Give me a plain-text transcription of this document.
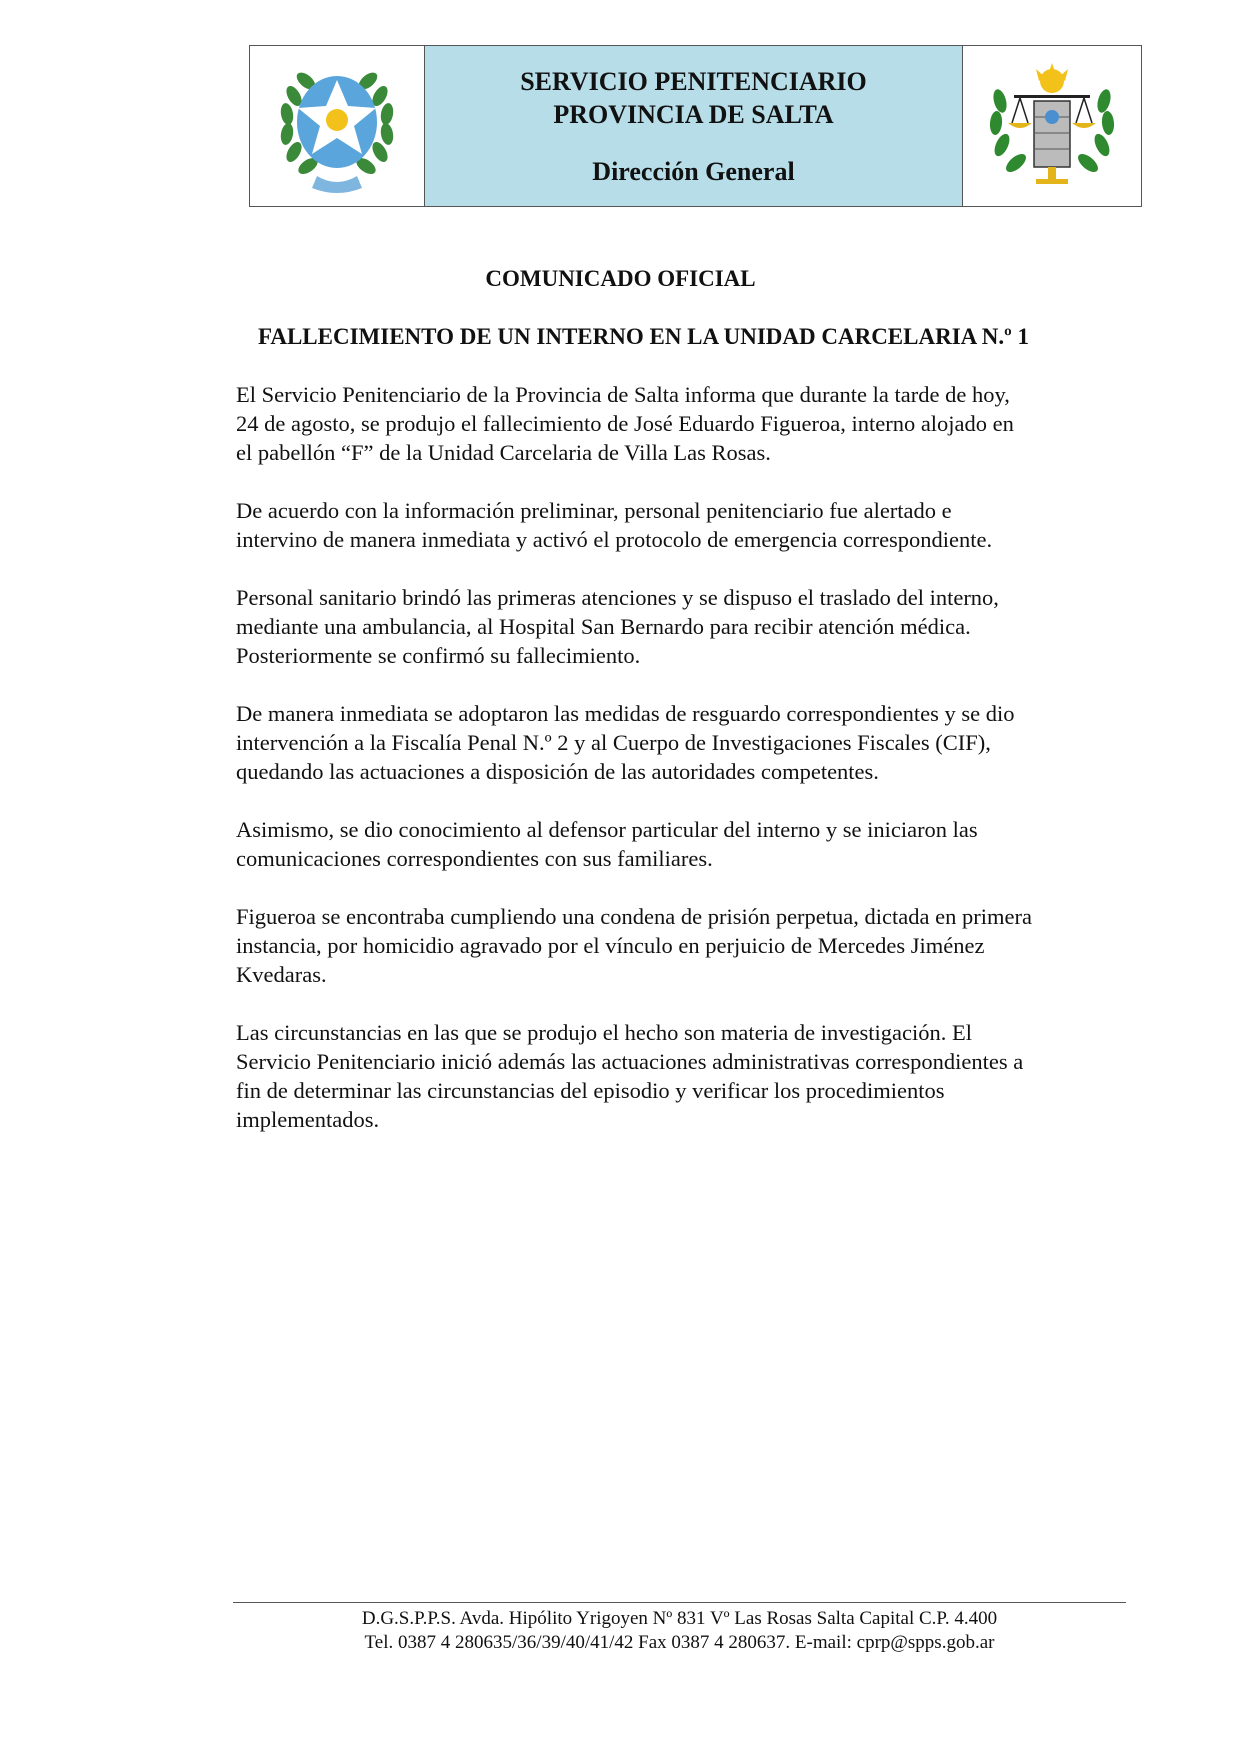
SERVICIO PENITENCIARIO
PROVINCIA DE SALTA
Dirección General
COMUNICADO OFICIAL
FALLECIMIENTO DE UN INTERNO EN LA UNIDAD CARCELARIA N.º 1

El Servicio Penitenciario de la Provincia de Salta informa que durante la tarde de hoy,
24 de agosto, se produjo el fallecimiento de José Eduardo Figueroa, interno alojado en
el pabellón “F” de la Unidad Carcelaria de Villa Las Rosas.

De acuerdo con la información preliminar, personal penitenciario fue alertado e
intervino de manera inmediata y activó el protocolo de emergencia correspondiente.

Personal sanitario brindó las primeras atenciones y se dispuso el traslado del interno,
mediante una ambulancia, al Hospital San Bernardo para recibir atención médica.
Posteriormente se confirmó su fallecimiento.

De manera inmediata se adoptaron las medidas de resguardo correspondientes y se dio
intervención a la Fiscalía Penal N.º 2 y al Cuerpo de Investigaciones Fiscales (CIF),
quedando las actuaciones a disposición de las autoridades competentes.

Asimismo, se dio conocimiento al defensor particular del interno y se iniciaron las
comunicaciones correspondientes con sus familiares.

Figueroa se encontraba cumpliendo una condena de prisión perpetua, dictada en primera
instancia, por homicidio agravado por el vínculo en perjuicio de Mercedes Jiménez
Kvedaras.

Las circunstancias en las que se produjo el hecho son materia de investigación. El
Servicio Penitenciario inició además las actuaciones administrativas correspondientes a
fin de determinar las circunstancias del episodio y verificar los procedimientos
implementados.

D.G.S.P.P.S. Avda. Hipólito Yrigoyen Nº 831 Vº Las Rosas Salta Capital C.P. 4.400
Tel. 0387 4 280635/36/39/40/41/42 Fax 0387 4 280637. E-mail: cprp@spps.gob.ar
